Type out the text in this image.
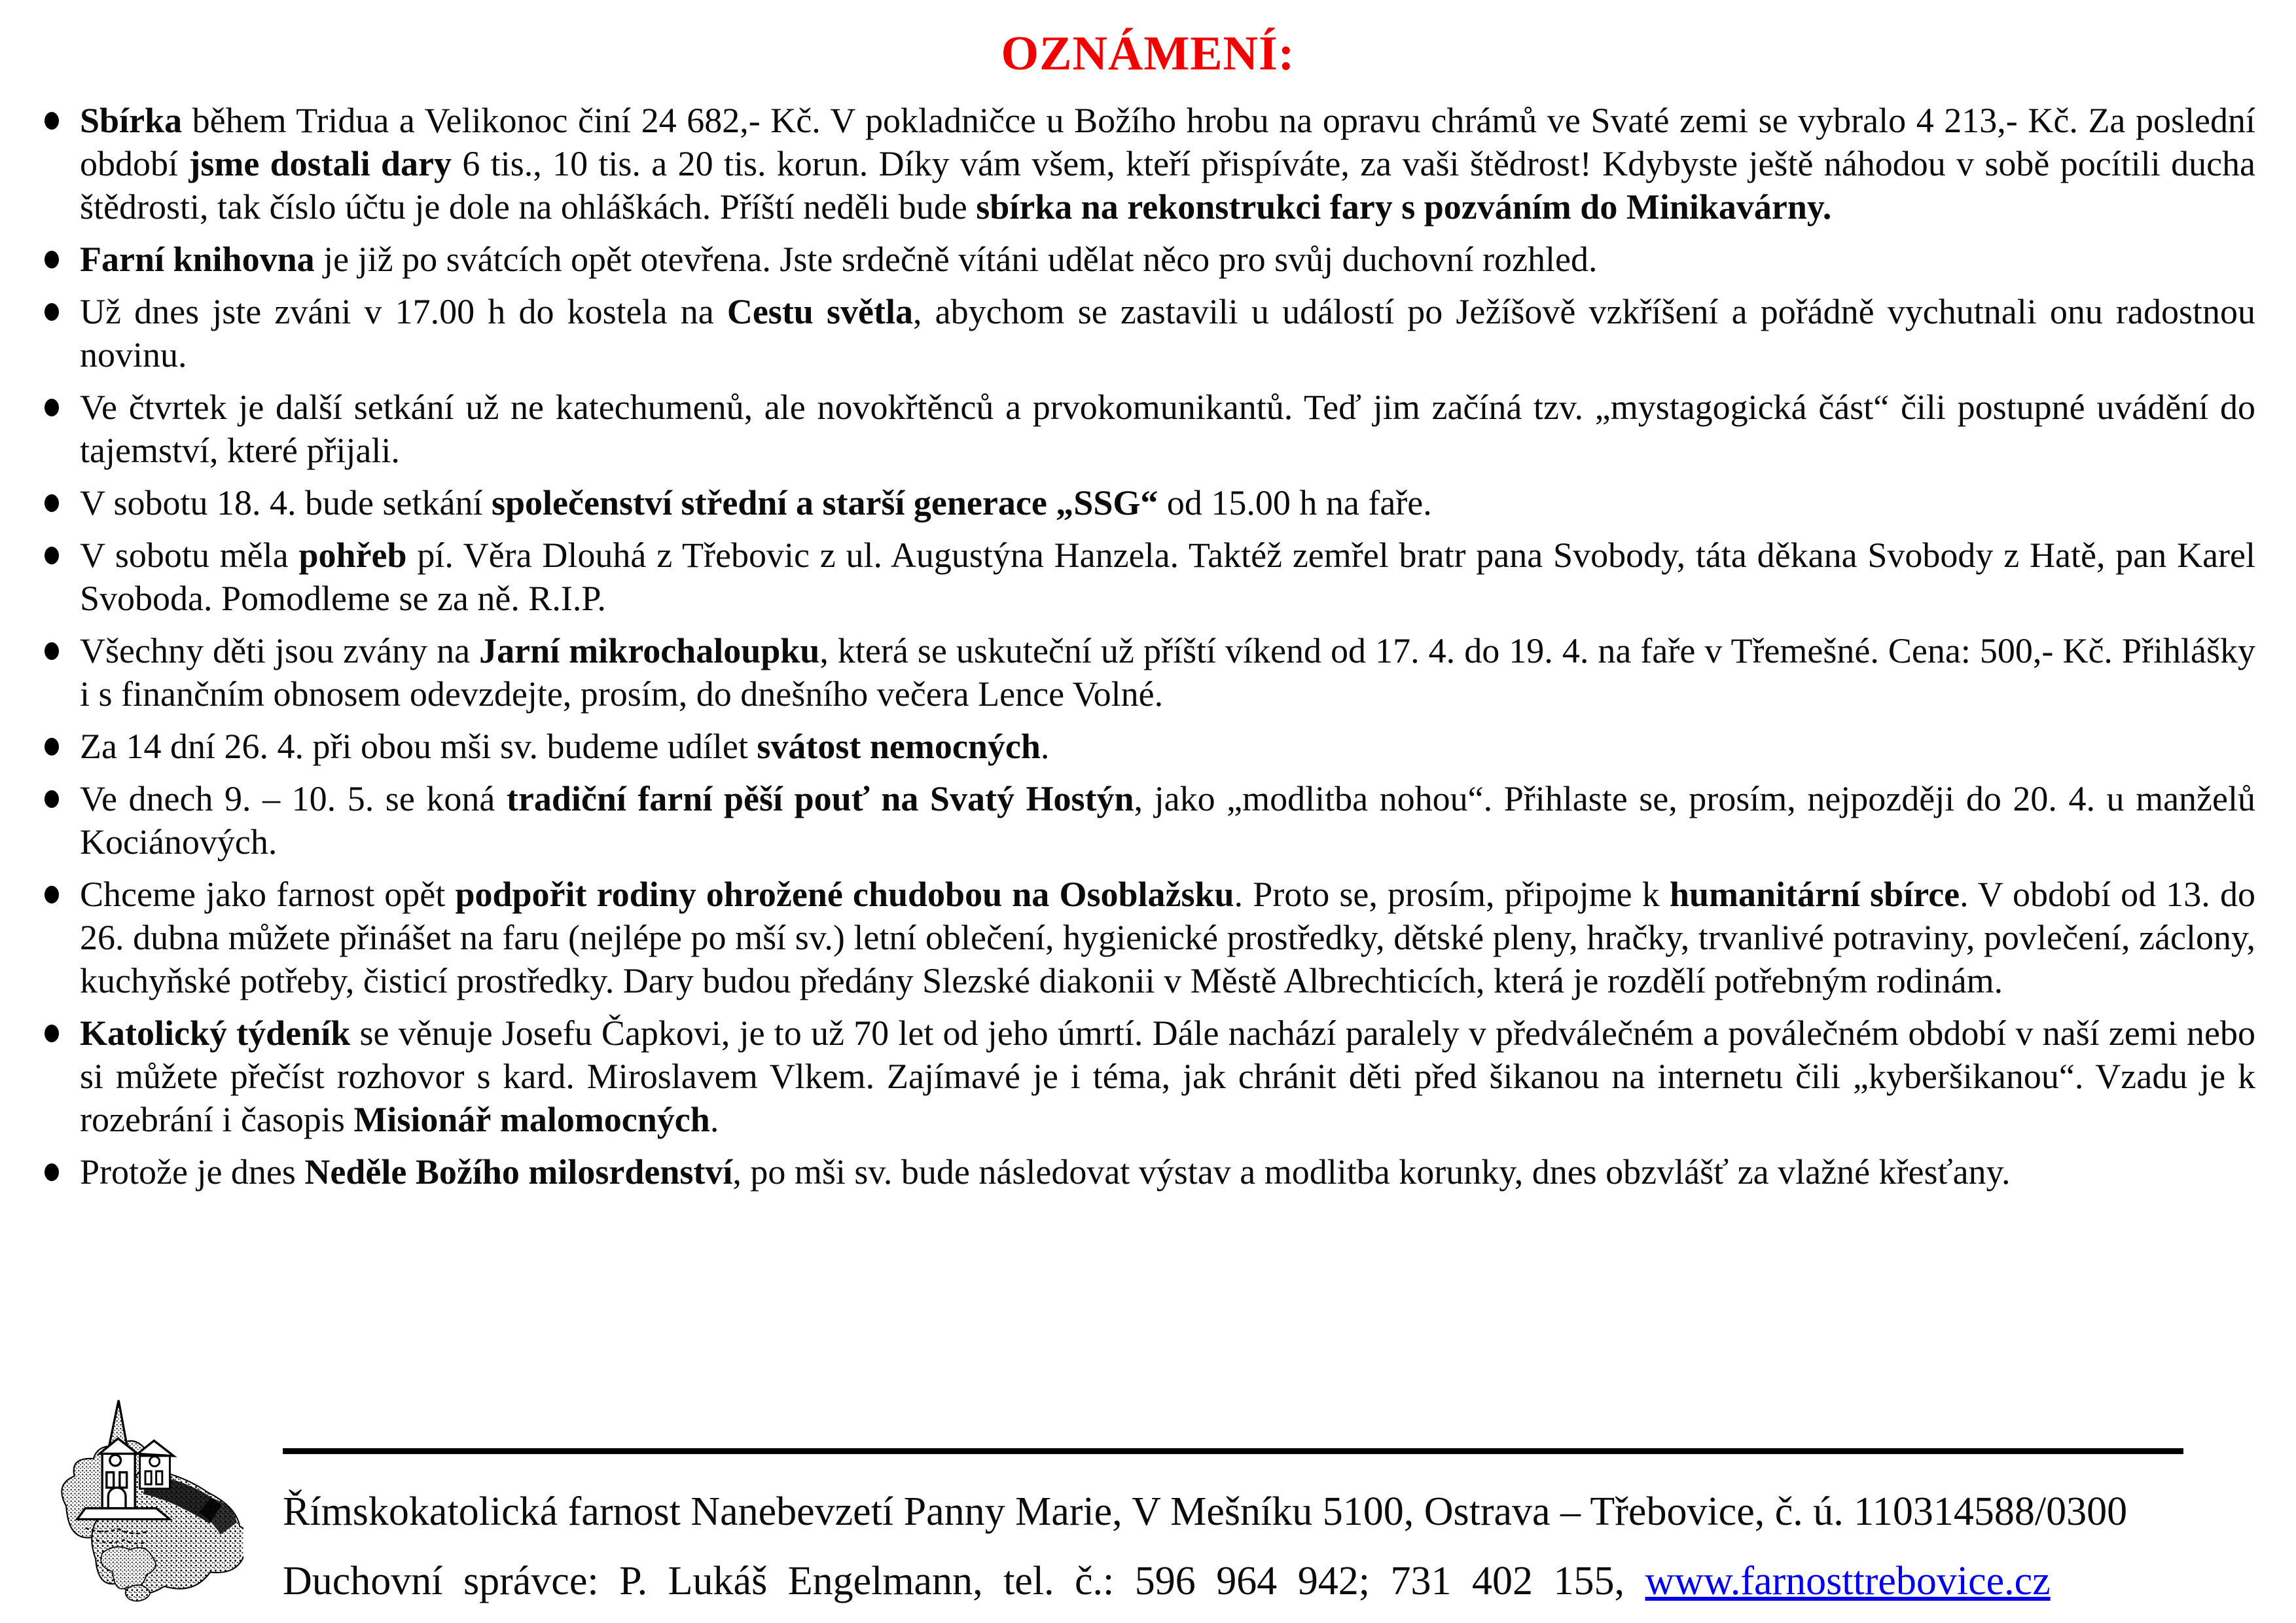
OZNÁMENÍ:
Sbírka během Tridua a Velikonoc činí 24 682,- Kč. V pokladničce u Božího hrobu na opravu chrámů ve Svaté zemi se vybralo 4 213,- Kč. Za poslední období jsme dostali dary 6 tis., 10 tis. a 20 tis. korun. Díky vám všem, kteří přispíváte, za vaši štědrost! Kdybyste ještě náhodou v sobě pocítili ducha štědrosti, tak číslo účtu je dole na ohláškách. Příští neděli bude sbírka na rekonstrukci fary s pozváním do Minikavárny.
Farní knihovna je již po svátcích opět otevřena. Jste srdečně vítáni udělat něco pro svůj duchovní rozhled.
Už dnes jste zváni v 17.00 h do kostela na Cestu světla, abychom se zastavili u událostí po Ježíšově vzkříšení a pořádně vychutnali onu radostnou novinu.
Ve čtvrtek je další setkání už ne katechumenů, ale novokřtěnců a prvokomunikantů. Teď jim začíná tzv. „mystagogická část“ čili postupné uvádění do tajemství, které přijali.
V sobotu 18. 4. bude setkání společenství střední a starší generace „SSG“ od 15.00 h na faře.
V sobotu měla pohřeb pí. Věra Dlouhá z Třebovic z ul. Augustýna Hanzela. Taktéž zemřel bratr pana Svobody, táta děkana Svobody z Hatě, pan Karel Svoboda. Pomodleme se za ně. R.I.P.
Všechny děti jsou zvány na Jarní mikrochaloupku, která se uskuteční už příští víkend od 17. 4. do 19. 4. na faře v Třemešné. Cena: 500,- Kč. Přihlášky i s finančním obnosem odevzdejte, prosím, do dnešního večera Lence Volné.
Za 14 dní 26. 4. při obou mši sv. budeme udílet svátost nemocných.
Ve dnech 9. – 10. 5. se koná tradiční farní pěší pouť na Svatý Hostýn, jako „modlitba nohou“. Přihlaste se, prosím, nejpozději do 20. 4. u manželů Kociánových.
Chceme jako farnost opět podpořit rodiny ohrožené chudobou na Osoblažsku. Proto se, prosím, připojme k humanitární sbírce. V období od 13. do 26. dubna můžete přinášet na faru (nejlépe po mší sv.) letní oblečení, hygienické prostředky, dětské pleny, hračky, trvanlivé potraviny, povlečení, záclony, kuchyňské potřeby, čisticí prostředky. Dary budou předány Slezské diakonii v Městě Albrechticích, která je rozdělí potřebným rodinám.
Katolický týdeník se věnuje Josefu Čapkovi, je to už 70 let od jeho úmrtí. Dále nachází paralely v předválečném a poválečném období v naší zemi nebo si můžete přečíst rozhovor s kard. Miroslavem Vlkem. Zajímavé je i téma, jak chránit děti před šikanou na internetu čili „kyberšikanou“. Vzadu je k rozebrání i časopis Misionář malomocných.
Protože je dnes Neděle Božího milosrdenství, po mši sv. bude následovat výstav a modlitba korunky, dnes obzvlášť za vlažné křesťany.

Římskokatolická farnost Nanebevzetí Panny Marie, V Mešníku 5100, Ostrava – Třebovice, č. ú. 110314588/0300

Duchovní správce: P. Lukáš Engelmann, tel. č.: 596 964 942; 731 402 155, www.farnosttrebovice.cz
